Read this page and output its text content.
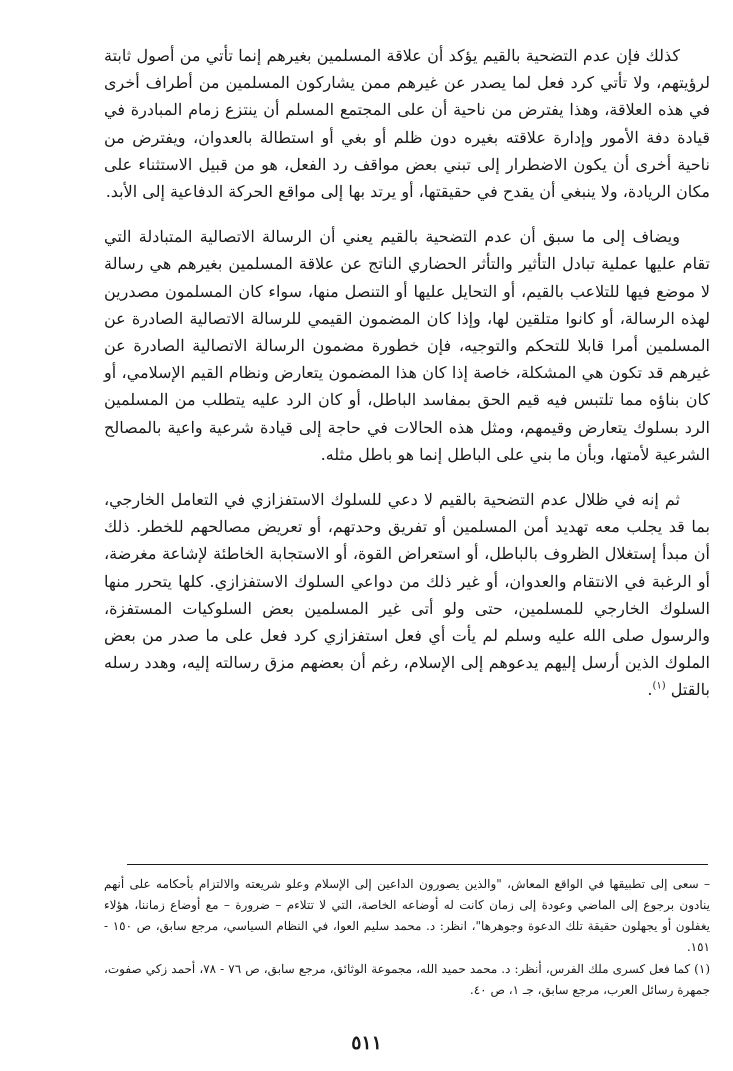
كذلك فإن عدم التضحية بالقيم يؤكد أن علاقة المسلمين بغيرهم إنما تأتي من أصول ثابتة لرؤيتهم، ولا تأتي كرد فعل لما يصدر عن غيرهم ممن يشاركون المسلمين من أطراف أخرى في هذه العلاقة، وهذا يفترض من ناحية أن على المجتمع المسلم أن ينتزع زمام المبادرة في قيادة دفة الأمور وإدارة علاقته بغيره دون ظلم أو بغي أو استطالة بالعدوان، ويفترض من ناحية أخرى أن يكون الاضطرار إلى تبني بعض مواقف رد الفعل، هو من قبيل الاستثناء على مكان الريادة، ولا ينبغي أن يقدح في حقيقتها، أو يرتد بها إلى مواقع الحركة الدفاعية إلى الأبد.

ويضاف إلى ما سبق أن عدم التضحية بالقيم يعني أن الرسالة الاتصالية المتبادلة التي تقام عليها عملية تبادل التأثير والتأثر الحضاري الناتج عن علاقة المسلمين بغيرهم هي رسالة لا موضع فيها للتلاعب بالقيم، أو التحايل عليها أو التنصل منها، سواء كان المسلمون مصدرين لهذه الرسالة، أو كانوا متلقين لها، وإذا كان المضمون القيمي للرسالة الاتصالية الصادرة عن المسلمين أمرا قابلا للتحكم والتوجيه، فإن خطورة مضمون الرسالة الاتصالية الصادرة عن غيرهم قد تكون هي المشكلة، خاصة إذا كان هذا المضمون يتعارض ونظام القيم الإسلامي، أو كان بناؤه مما تلتبس فيه قيم الحق بمفاسد الباطل، أو كان الرد عليه يتطلب من المسلمين الرد بسلوك يتعارض وقيمهم، ومثل هذه الحالات في حاجة إلى قيادة شرعية واعية بالمصالح الشرعية لأمتها، وبأن ما بني على الباطل إنما هو باطل مثله.

ثم إنه في ظلال عدم التضحية بالقيم لا دعي للسلوك الاستفزازي في التعامل الخارجي، بما قد يجلب معه تهديد أمن المسلمين أو تفريق وحدتهم، أو تعريض مصالحهم للخطر. ذلك أن مبدأ إستغلال الظروف بالباطل، أو استعراض القوة، أو الاستجابة الخاطئة لإشاعة مغرضة، أو الرغبة في الانتقام والعدوان، أو غير ذلك من دواعي السلوك الاستفزازي. كلها يتحرر منها السلوك الخارجي للمسلمين، حتى ولو أتى غير المسلمين بعض السلوكيات المستفزة، والرسول صلى الله عليه وسلم لم يأت أي فعل استفزازي كرد فعل على ما صدر من بعض الملوك الذين أرسل إليهم يدعوهم إلى الإسلام، رغم أن بعضهم مزق رسالته إليه، وهدد رسله بالقتل $^{(١)}$.

– سعى إلى تطبيقها في الواقع المعاش، "والذين يصورون الداعين إلى الإسلام وعلو شريعته والالتزام بأحكامه على أنهم ينادون برجوع إلى الماضي وعودة إلى زمان كانت له أوضاعه الخاصة، التي لا تتلاءم – ضرورة – مع أوضاع زماننا، هؤلاء يغفلون أو يجهلون حقيقة تلك الدعوة وجوهرها"، انظر: د. محمد سليم العوا، في النظام السياسي، مرجع سابق، ص ١٥٠ - ١٥١.

(١) كما فعل كسرى ملك الفرس، أنظر: د. محمد حميد الله، مجموعة الوثائق، مرجع سابق، ص ٧٦ - ٧٨، أحمد زكي صفوت، جمهرة رسائل العرب، مرجع سابق، جـ ١، ص ٤٠.

٥١١
